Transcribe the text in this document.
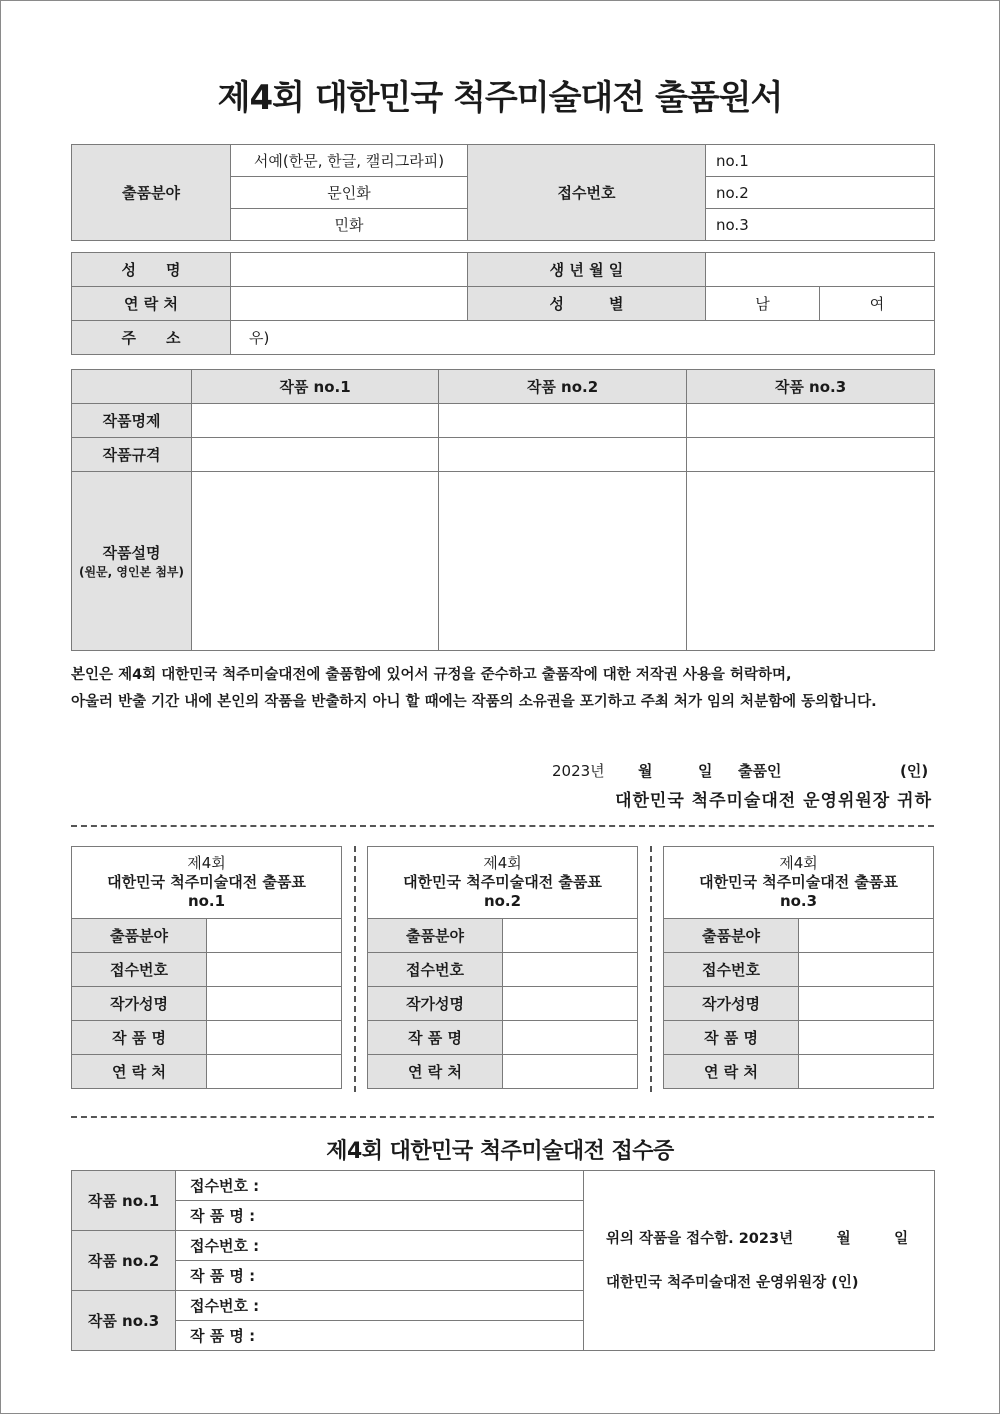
제4회 대한민국 척주미술대전 출품원서
출품분야	서예(한문, 한글, 캘리그라피)	접수번호	no.1
	문인화		no.2
	민화		no.3
성　　명		생 년 월 일		
연 락 처		성　　　별	남	여
주　　소	우)			
	작품 no.1	작품 no.2	작품 no.3
작품명제			
작품규격			

작품설명
(원문, 영인본 첨부)			

본인은 제4회 대한민국 척주미술대전에 출품함에 있어서 규정을 준수하고 출품작에 대한 저작권 사용을 허락하며,
아울러 반출 기간 내에 본인의 작품을 반출하지 아니 할 때에는 작품의 소유권을 포기하고 주최 처가 임의 처분함에 동의합니다.
2023년 월	일 출품인	(인)
대한민국 척주미술대전 운영위원장 귀하
제4회
대한민국 척주미술대전 출품표
no.1	

출품분야	
접수번호	
작가성명	
작 품 명	
연 락 처	
제4회
대한민국 척주미술대전 출품표
no.2	

출품분야	
접수번호	
작가성명	
작 품 명	
연 락 처	
제4회
대한민국 척주미술대전 출품표
no.3	

출품분야	
접수번호	
작가성명	
작 품 명	
연 락 처	
제4회 대한민국 척주미술대전 접수증
작품 no.1	접수번호 :	위의 작품을 접수함. 2023년　　　월　　　일
대한민국 척주미술대전 운영위원장 (인)

	작 품 명 :	
작품 no.2	접수번호 :	
	작 품 명 :	
작품 no.3	접수번호 :	
	작 품 명 :	
